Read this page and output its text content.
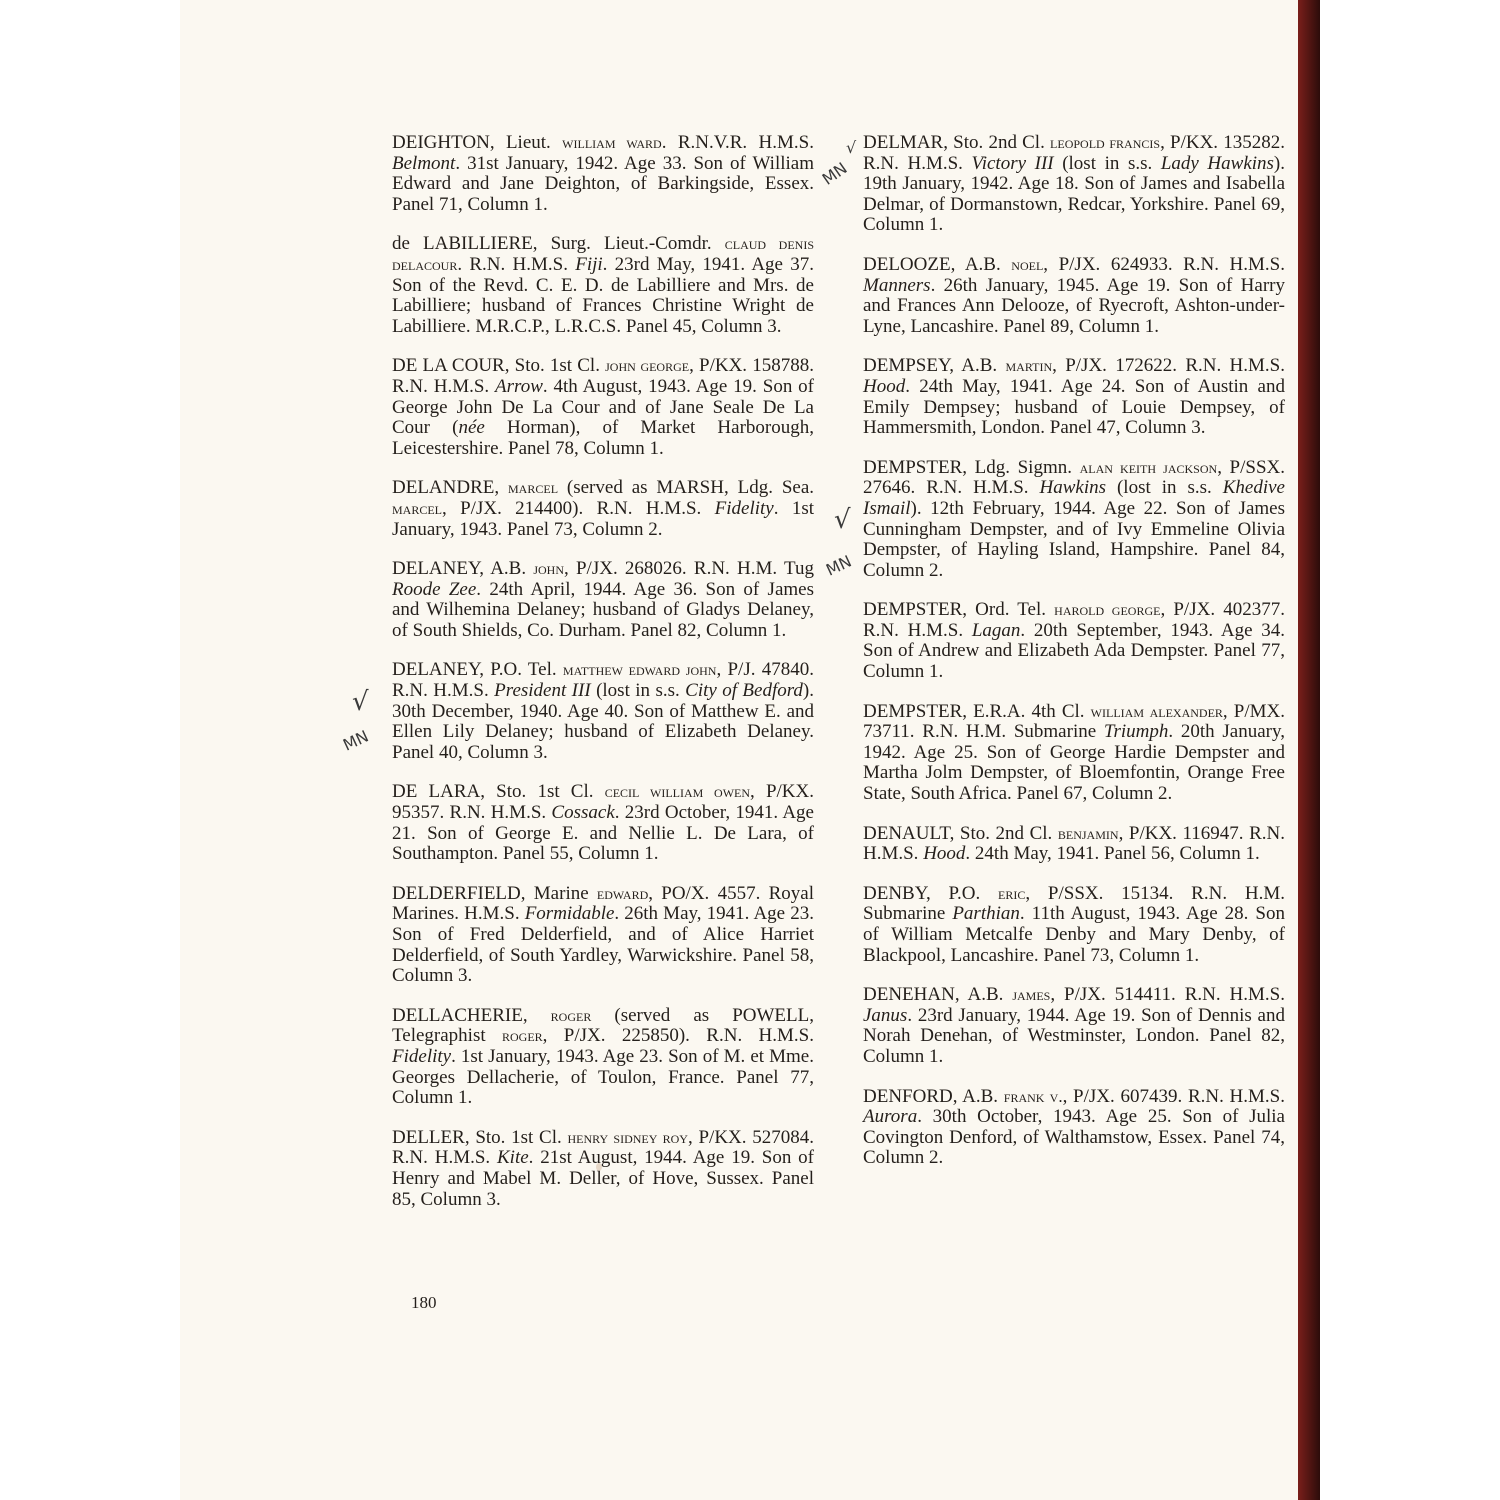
DEIGHTON, Lieut. william ward. R.N.V.R. H.M.S. Belmont. 31st January, 1942. Age 33. Son of William Edward and Jane Deighton, of Barkingside, Essex. Panel 71, Column 1.

de LABILLIERE, Surg. Lieut.-Comdr. claud denis delacour. R.N. H.M.S. Fiji. 23rd May, 1941. Age 37. Son of the Revd. C. E. D. de Labilliere and Mrs. de Labilliere; husband of Frances Christine Wright de Labilliere. M.R.C.P., L.R.C.S. Panel 45, Column 3.

DE LA COUR, Sto. 1st Cl. john george, P/KX. 158788. R.N. H.M.S. Arrow. 4th August, 1943. Age 19. Son of George John De La Cour and of Jane Seale De La Cour (née Horman), of Market Harborough, Leicestershire. Panel 78, Column 1.

DELANDRE, marcel (served as MARSH, Ldg. Sea. marcel, P/JX. 214400). R.N. H.M.S. Fidelity. 1st January, 1943. Panel 73, Column 2.

DELANEY, A.B. john, P/JX. 268026. R.N. H.M. Tug Roode Zee. 24th April, 1944. Age 36. Son of James and Wilhemina Delaney; husband of Gladys Delaney, of South Shields, Co. Durham. Panel 82, Column 1.

DELANEY, P.O. Tel. matthew edward john, P/J. 47840. R.N. H.M.S. President III (lost in s.s. City of Bedford). 30th December, 1940. Age 40. Son of Matthew E. and Ellen Lily Delaney; husband of Elizabeth Delaney. Panel 40, Column 3.

DE LARA, Sto. 1st Cl. cecil william owen, P/KX. 95357. R.N. H.M.S. Cossack. 23rd October, 1941. Age 21. Son of George E. and Nellie L. De Lara, of Southampton. Panel 55, Column 1.

DELDERFIELD, Marine edward, PO/X. 4557. Royal Marines. H.M.S. Formidable. 26th May, 1941. Age 23. Son of Fred Delderfield, and of Alice Harriet Delderfield, of South Yardley, Warwickshire. Panel 58, Column 3.

DELLACHERIE, roger (served as POWELL, Telegraphist roger, P/JX. 225850). R.N. H.M.S. Fidelity. 1st January, 1943. Age 23. Son of M. et Mme. Georges Dellacherie, of Toulon, France. Panel 77, Column 1.

DELLER, Sto. 1st Cl. henry sidney roy, P/KX. 527084. R.N. H.M.S. Kite. 21st August, 1944. Age 19. Son of Henry and Mabel M. Deller, of Hove, Sussex. Panel 85, Column 3.

DELMAR, Sto. 2nd Cl. leopold francis, P/KX. 135282. R.N. H.M.S. Victory III (lost in s.s. Lady Hawkins). 19th January, 1942. Age 18. Son of James and Isabella Delmar, of Dormanstown, Redcar, Yorkshire. Panel 69, Column 1.

DELOOZE, A.B. noel, P/JX. 624933. R.N. H.M.S. Manners. 26th January, 1945. Age 19. Son of Harry and Frances Ann Delooze, of Ryecroft, Ashton-under-Lyne, Lancashire. Panel 89, Column 1.

DEMPSEY, A.B. martin, P/JX. 172622. R.N. H.M.S. Hood. 24th May, 1941. Age 24. Son of Austin and Emily Dempsey; husband of Louie Dempsey, of Hammersmith, London. Panel 47, Column 3.

DEMPSTER, Ldg. Sigmn. alan keith jackson, P/SSX. 27646. R.N. H.M.S. Hawkins (lost in s.s. Khedive Ismail). 12th February, 1944. Age 22. Son of James Cunningham Dempster, and of Ivy Emmeline Olivia Dempster, of Hayling Island, Hampshire. Panel 84, Column 2.

DEMPSTER, Ord. Tel. harold george, P/JX. 402377. R.N. H.M.S. Lagan. 20th September, 1943. Age 34. Son of Andrew and Elizabeth Ada Dempster. Panel 77, Column 1.

DEMPSTER, E.R.A. 4th Cl. william alexander, P/MX. 73711. R.N. H.M. Submarine Triumph. 20th January, 1942. Age 25. Son of George Hardie Dempster and Martha Jolm Dempster, of Bloemfontin, Orange Free State, South Africa. Panel 67, Column 2.

DENAULT, Sto. 2nd Cl. benjamin, P/KX. 116947. R.N. H.M.S. Hood. 24th May, 1941. Panel 56, Column 1.

DENBY, P.O. eric, P/SSX. 15134. R.N. H.M. Submarine Parthian. 11th August, 1943. Age 28. Son of William Metcalfe Denby and Mary Denby, of Blackpool, Lancashire. Panel 73, Column 1.

DENEHAN, A.B. james, P/JX. 514411. R.N. H.M.S. Janus. 23rd January, 1944. Age 19. Son of Dennis and Norah Denehan, of Westminster, London. Panel 82, Column 1.

DENFORD, A.B. frank v., P/JX. 607439. R.N. H.M.S. Aurora. 30th October, 1943. Age 25. Son of Julia Covington Denford, of Walthamstow, Essex. Panel 74, Column 2.

180
√
MN
√
MN
√
MN
